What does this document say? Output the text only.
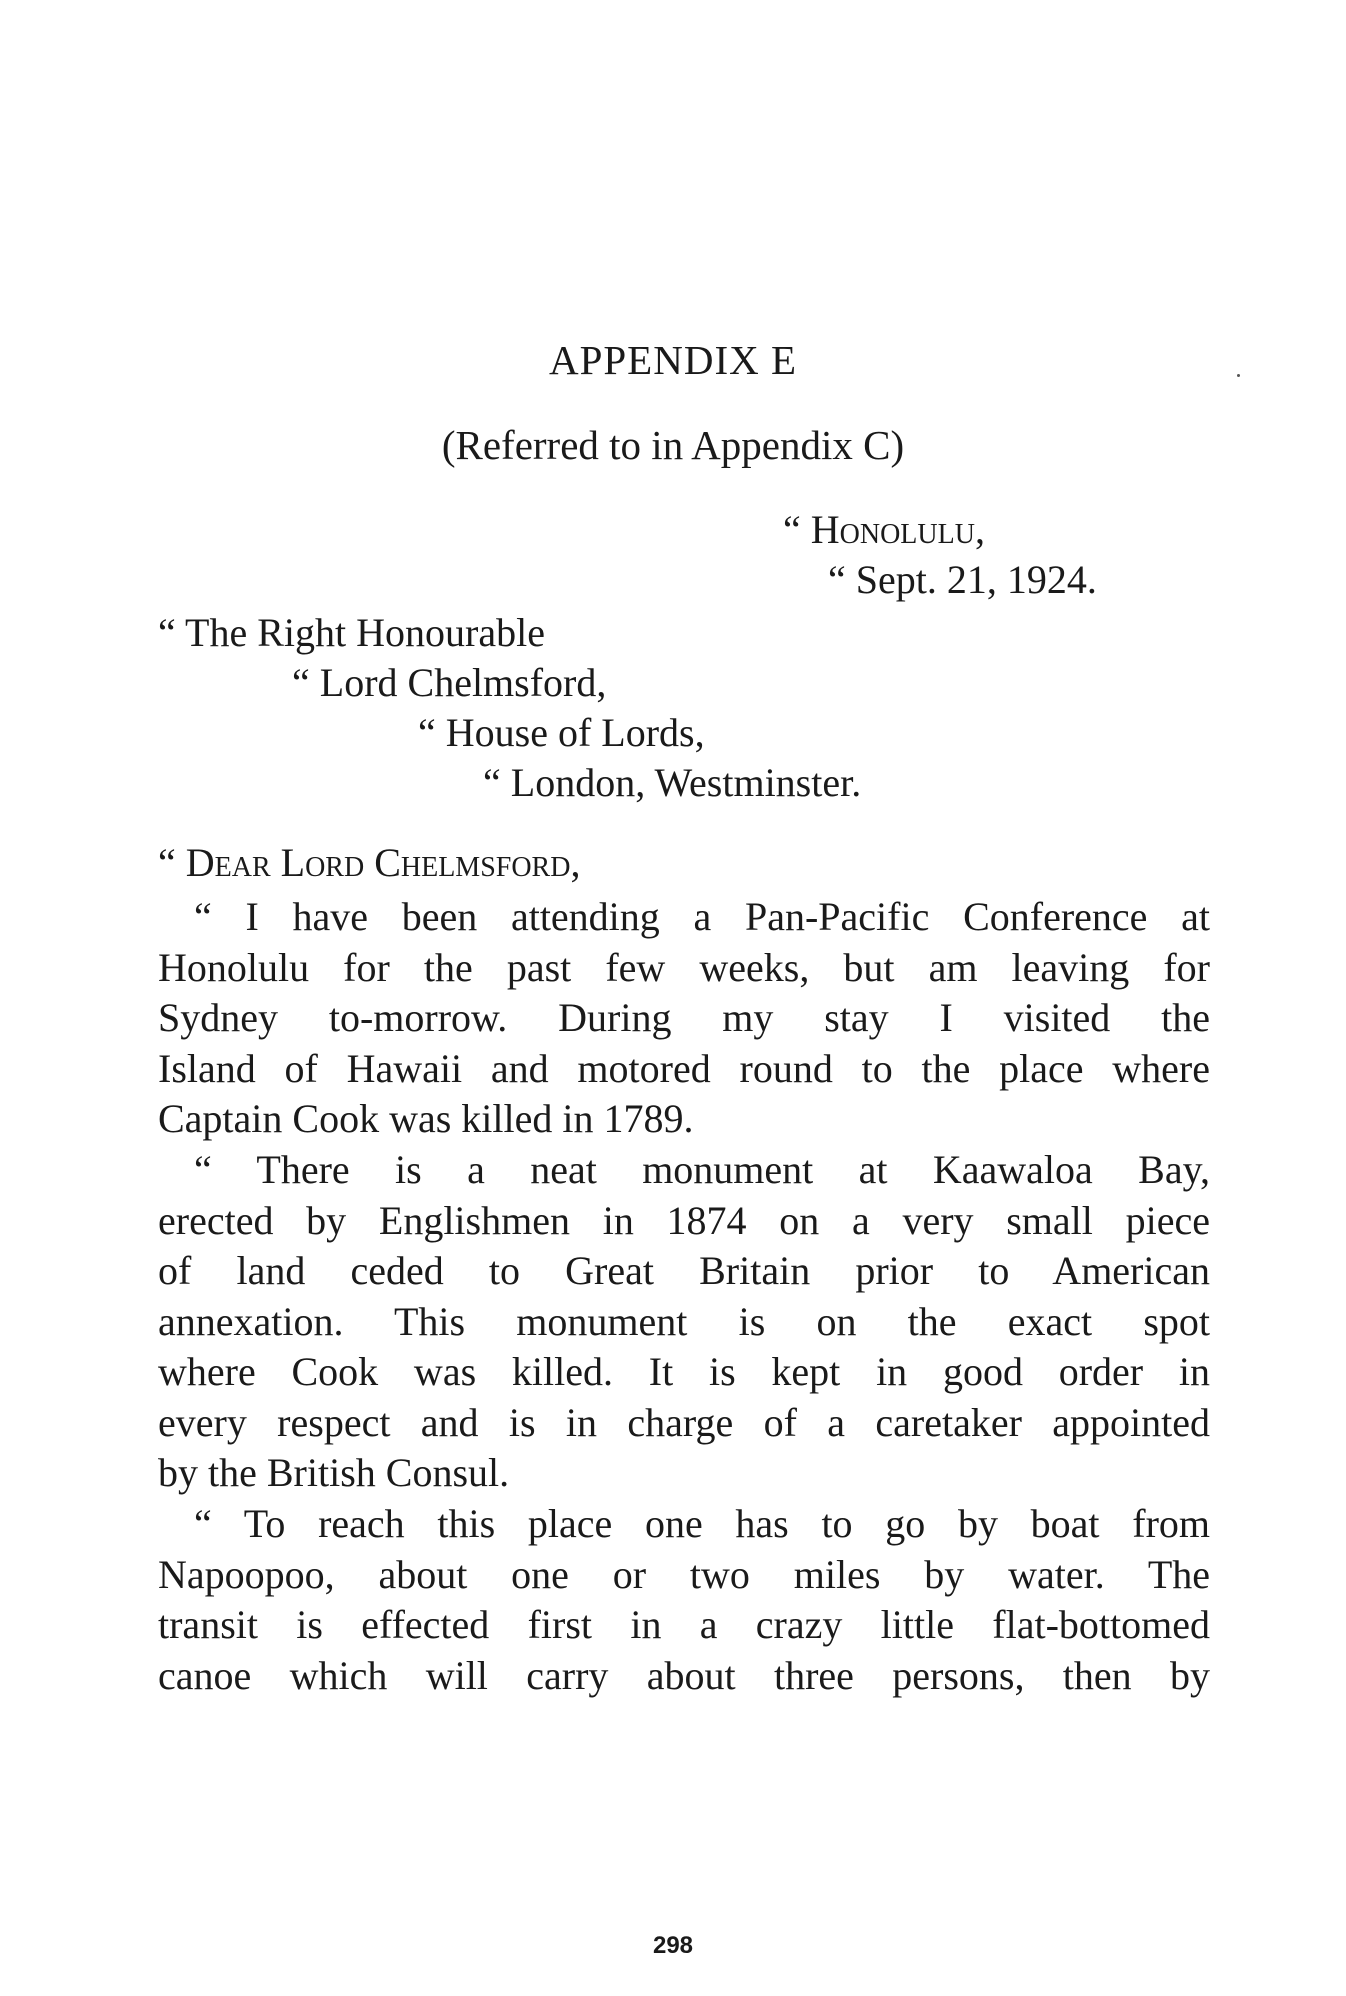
APPENDIX E
(Referred to in Appendix C)
“ Honolulu,
“ Sept. 21, 1924.
“ The Right Honourable
“ Lord Chelmsford,
“ House of Lords,
“ London, Westminster.
“ Dear Lord Chelmsford,
“ I have been attending a Pan-Pacific Conference at
Honolulu for the past few weeks, but am leaving for
Sydney to-morrow. During my stay I visited the
Island of Hawaii and motored round to the place where
Captain Cook was killed in 1789.
“ There is a neat monument at Kaawaloa Bay,
erected by Englishmen in 1874 on a very small piece
of land ceded to Great Britain prior to American
annexation. This monument is on the exact spot
where Cook was killed. It is kept in good order in
every respect and is in charge of a caretaker appointed
by the British Consul.
“ To reach this place one has to go by boat from
Napoopoo, about one or two miles by water. The
transit is effected first in a crazy little flat-bottomed
canoe which will carry about three persons, then by
298
